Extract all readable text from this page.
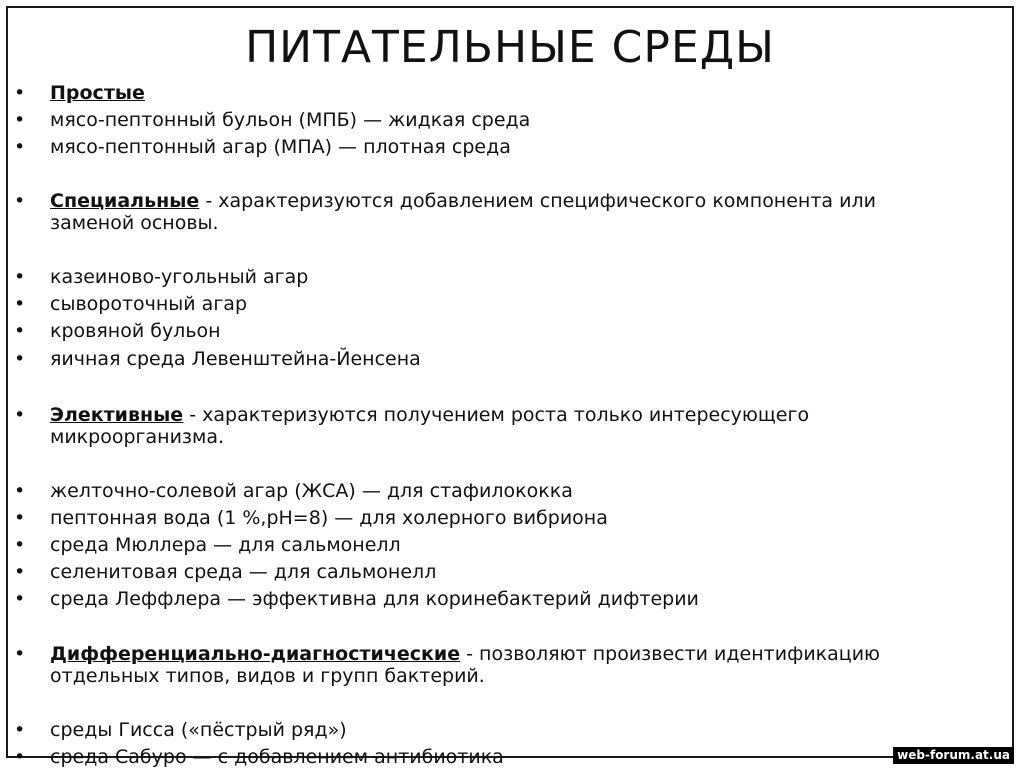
ПИТАТЕЛЬНЫЕ СРЕДЫ
• Простые
• мясо-пептонный бульон (МПБ) — жидкая среда
• мясо-пептонный агар (МПА) — плотная среда
• Специальные - характеризуются добавлением специфического компонента или заменой основы.
• казеиново-угольный агар
• сывороточный агар
• кровяной бульон
• яичная среда Левенштейна-Йенсена
• Элективные - характеризуются получением роста только интересующего микроорганизма.
• желточно-солевой агар (ЖСА) — для стафилококка
• пептонная вода (1 %,pH=8) — для холерного вибриона
• среда Мюллера — для сальмонелл
• селенитовая среда — для сальмонелл
• среда Леффлера — эффективна для коринебактерий дифтерии
• Дифференциально-диагностические - позволяют произвести идентификацию отдельных типов, видов и групп бактерий.
• среды Гисса («пёстрый ряд»)
• среда Сабуро — с добавлением антибиотика	web-forum.at.ua
